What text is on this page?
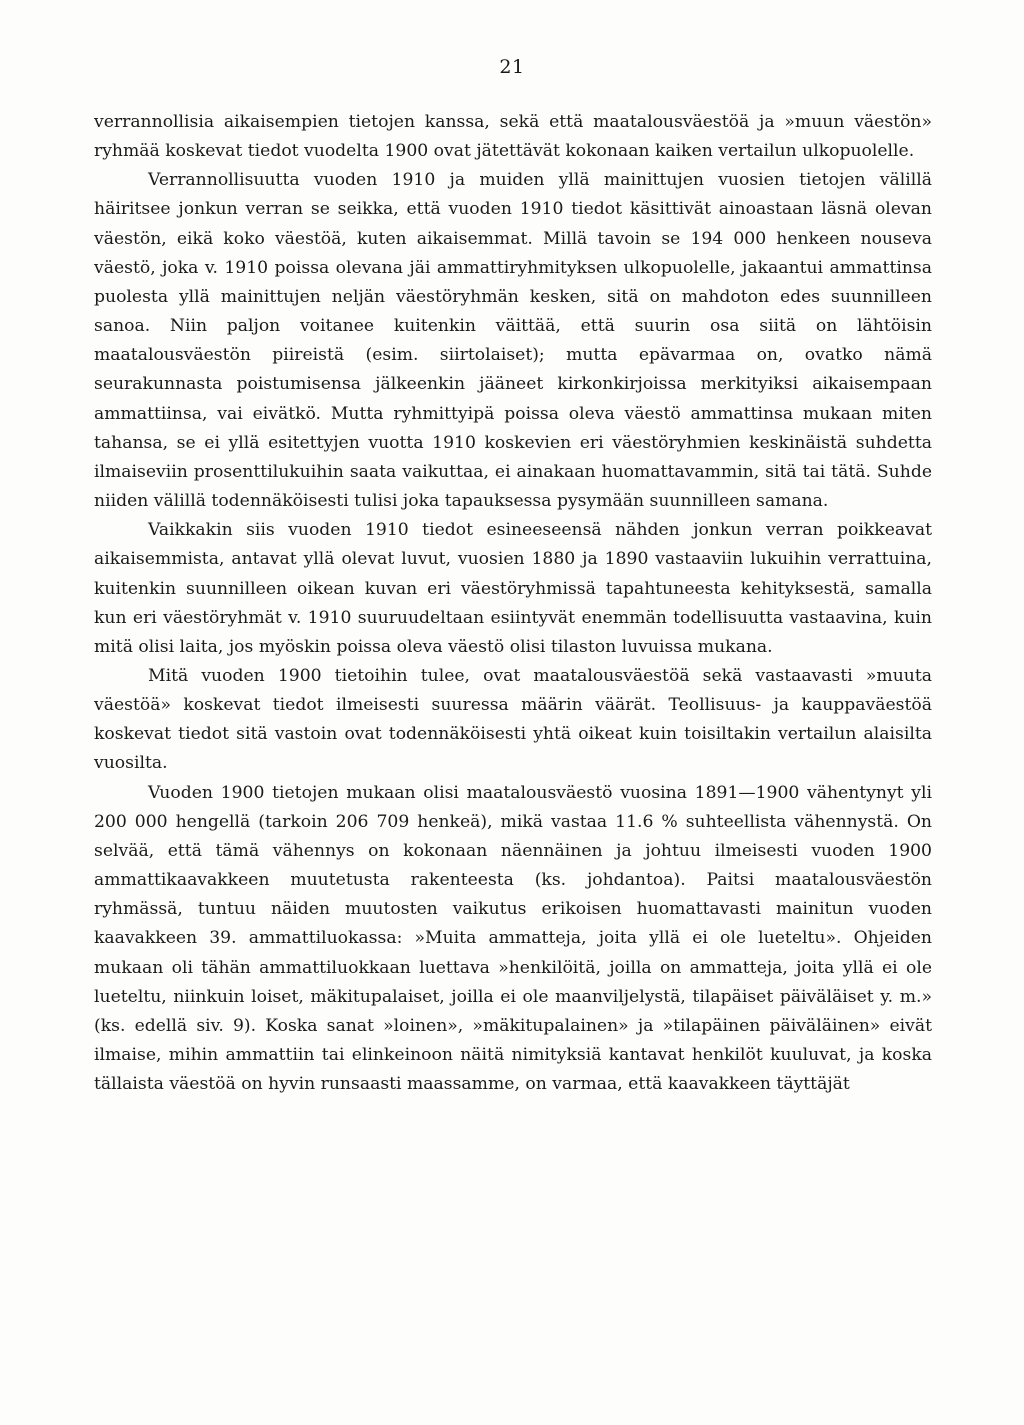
21

verrannollisia aikaisempien tietojen kanssa, sekä että maatalousväestöä ja »muun väestön» ryhmää koskevat tiedot vuodelta 1900 ovat jätettävät kokonaan kaiken vertailun ulkopuolelle.

Verrannollisuutta vuoden 1910 ja muiden yllä mainittujen vuosien tietojen välillä häiritsee jonkun verran se seikka, että vuoden 1910 tiedot käsittivät ainoastaan läsnä olevan väestön, eikä koko väestöä, kuten aikaisemmat. Millä tavoin se 194 000 henkeen nouseva väestö, joka v. 1910 poissa olevana jäi ammattiryhmityksen ulkopuolelle, jakaantui ammattinsa puolesta yllä mainittujen neljän väestöryhmän kesken, sitä on mahdoton edes suunnilleen sanoa. Niin paljon voitanee kuitenkin väittää, että suurin osa siitä on lähtöisin maatalousväestön piireistä (esim. siirtolaiset); mutta epävarmaa on, ovatko nämä seurakunnasta poistumisensa jälkeenkin jääneet kirkonkirjoissa merkityiksi aikaisempaan ammattiinsa, vai eivätkö. Mutta ryhmittyipä poissa oleva väestö ammattinsa mukaan miten tahansa, se ei yllä esitettyjen vuotta 1910 koskevien eri väestöryhmien keskinäistä suhdetta ilmaiseviin prosenttilukuihin saata vaikuttaa, ei ainakaan huomattavammin, sitä tai tätä. Suhde niiden välillä todennäköisesti tulisi joka tapauksessa pysymään suunnilleen samana.

Vaikkakin siis vuoden 1910 tiedot esineeseensä nähden jonkun verran poikkeavat aikaisemmista, antavat yllä olevat luvut, vuosien 1880 ja 1890 vastaaviin lukuihin verrattuina, kuitenkin suunnilleen oikean kuvan eri väestöryhmissä tapahtuneesta kehityksestä, samalla kun eri väestöryhmät v. 1910 suuruudeltaan esiintyvät enemmän todellisuutta vastaavina, kuin mitä olisi laita, jos myöskin poissa oleva väestö olisi tilaston luvuissa mukana.

Mitä vuoden 1900 tietoihin tulee, ovat maatalousväestöä sekä vastaavasti »muuta väestöä» koskevat tiedot ilmeisesti suuressa määrin väärät. Teollisuus- ja kauppaväestöä koskevat tiedot sitä vastoin ovat todennäköisesti yhtä oikeat kuin toisiltakin vertailun alaisilta vuosilta.

Vuoden 1900 tietojen mukaan olisi maatalousväestö vuosina 1891—1900 vähentynyt yli 200 000 hengellä (tarkoin 206 709 henkeä), mikä vastaa 11.6 % suhteellista vähennystä. On selvää, että tämä vähennys on kokonaan näennäinen ja johtuu ilmeisesti vuoden 1900 ammattikaavakkeen muutetusta rakenteesta (ks. johdantoa). Paitsi maatalousväestön ryhmässä, tuntuu näiden muutosten vaikutus erikoisen huomattavasti mainitun vuoden kaavakkeen 39. ammattiluokassa: »Muita ammatteja, joita yllä ei ole lueteltu». Ohjeiden mukaan oli tähän ammattiluokkaan luettava »henkilöitä, joilla on ammatteja, joita yllä ei ole lueteltu, niinkuin loiset, mäkitupalaiset, joilla ei ole maanviljelystä, tilapäiset päiväläiset y. m.» (ks. edellä siv. 9). Koska sanat »loinen», »mäkitupalainen» ja »tilapäinen päiväläinen» eivät ilmaise, mihin ammattiin tai elinkeinoon näitä nimityksiä kantavat henkilöt kuuluvat, ja koska tällaista väestöä on hyvin runsaasti maassamme, on varmaa, että kaavakkeen täyttäjät
